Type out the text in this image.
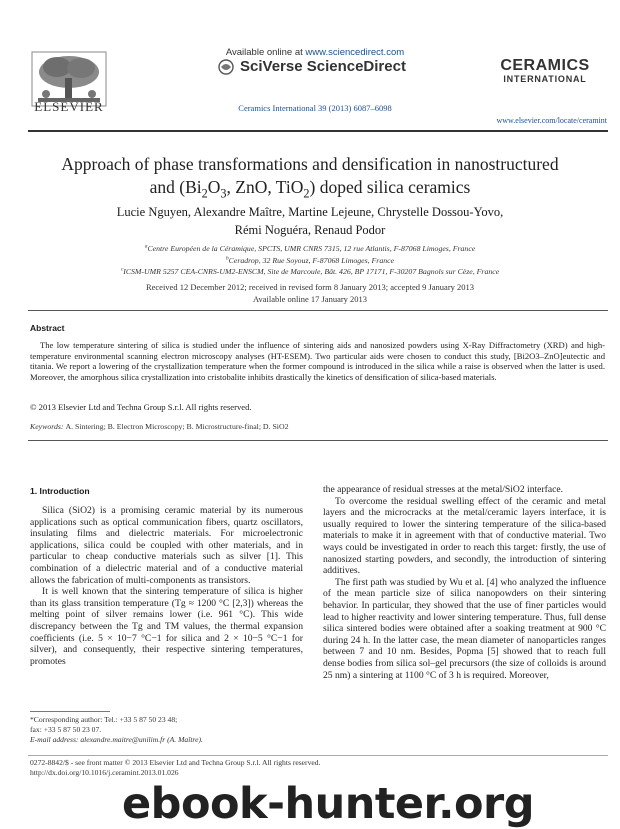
ELSEVIER
Available online at www.sciencedirect.com
SciVerse ScienceDirect
Ceramics International 39 (2013) 6087–6098
CERAMICS
INTERNATIONAL
www.elsevier.com/locate/ceramint
Approach of phase transformations and densification in nanostructured
and ($Bi_2O_3$, ZnO, TiO$_2$) doped silica ceramics
Lucie Nguyen, Alexandre Maître, Martine Lejeune, Chrystelle Dossou-Yovo,
Rémi Noguéra, Renaud Podor
$^a$Centre Européen de la Céramique, SPCTS, UMR CNRS 7315, 12 rue Atlantis, F-87068 Limoges, France
$^b$Ceradrop, 32 Rue Soyouz, F-87068 Limoges, France
$^c$ICSM-UMR 5257 CEA-CNRS-UM2-ENSCM, Site de Marcoule, Bât. 426, BP 17171, F-30207 Bagnols sur Cèze, France
Received 12 December 2012; received in revised form 8 January 2013; accepted 9 January 2013
Available online 17 January 2013
Abstract
The low temperature sintering of silica is studied under the influence of sintering aids and nanosized powders using X-Ray Diffractometry (XRD) and high-temperature environmental scanning electron microscopy analyses (HT-ESEM). Two particular aids were chosen to conduct this study, [Bi2O3–ZnO]eutectic and titania. We report a lowering of the crystallization temperature when the former compound is introduced in the silica while a raise is observed when the latter is used. Moreover, the amorphous silica crystallization into cristobalite inhibits drastically the kinetics of densification of silica-based materials.
© 2013 Elsevier Ltd and Techna Group S.r.l. All rights reserved.
Keywords: A. Sintering; B. Electron Microscopy; B. Microstructure-final; D. SiO2
1. Introduction

Silica (SiO2) is a promising ceramic material by its numerous applications such as optical communication fibers, quartz oscillators, insulating films and dielectric materials. For microelectronic applications, silica could be coupled with other materials, and in particular to cheap conductive materials such as silver [1]. This combination of a dielectric material and of a conductive material allows the fabrication of multi-components as transistors.

It is well known that the sintering temperature of silica is higher than its glass transition temperature (Tg ≈ 1200 °C [2,3]) whereas the melting point of silver remains lower (i.e. 961 °C). This wide discrepancy between the Tg and TM values, the thermal expansion coefficients (i.e. 5 × 10−7 °C−1 for silica and 2 × 10−5 °C−1 for silver), and consequently, their respective sintering temperatures, promotes

the appearance of residual stresses at the metal/SiO2 interface.

To overcome the residual swelling effect of the ceramic and metal layers and the microcracks at the metal/ceramic layers interface, it is usually required to lower the sintering temperature of the silica-based materials to make it in agreement with that of conductive material. Two ways could be investigated in order to reach this target: firstly, the use of nanosized starting powders, and secondly, the introduction of sintering additives.

The first path was studied by Wu et al. [4] who analyzed the influence of the mean particle size of silica nanopowders on their sintering behavior. In particular, they showed that the use of finer particles would lead to higher reactivity and lower sintering temperature. Thus, full dense silica sintered bodies were obtained after a soaking treatment at 900 °C during 24 h. In the latter case, the mean diameter of nanoparticles ranges between 7 and 10 nm. Besides, Popma [5] showed that to reach full dense bodies from silica sol–gel precursors (the size of colloids is around 25 nm) a sintering at 1100 °C of 3 h is required. Moreover,

*Corresponding author: Tel.: +33 5 87 50 23 48;
fax: +33 5 87 50 23 07.
E-mail address: alexandre.maitre@unilim.fr (A. Maître).
0272-8842/$ - see front matter © 2013 Elsevier Ltd and Techna Group S.r.l. All rights reserved.
http://dx.doi.org/10.1016/j.ceramint.2013.01.026
ebook-hunter.org
